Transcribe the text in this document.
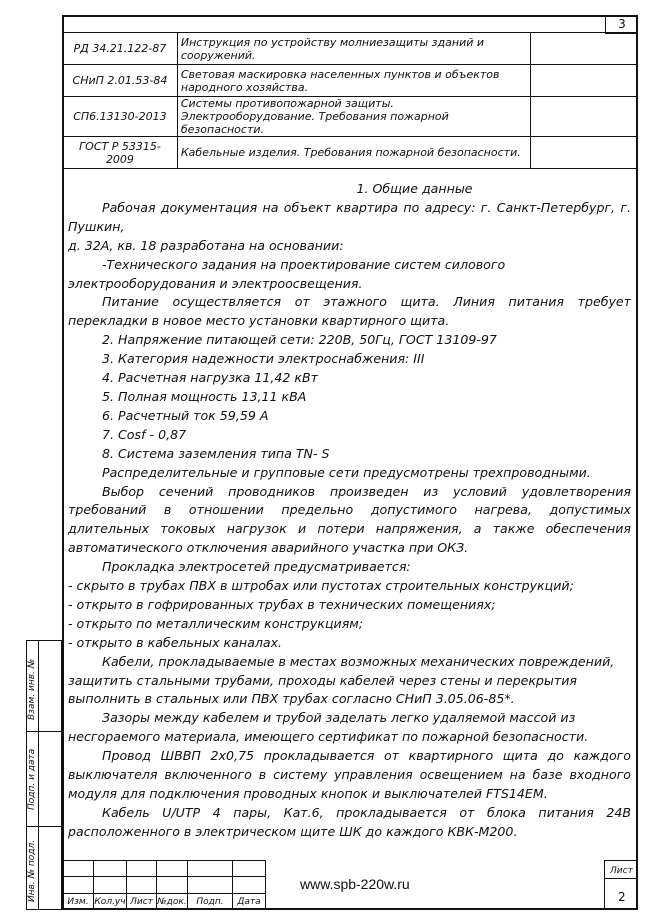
3
РД 34.21.122-87	Инструкция по устройству молниезащиты зданий и сооружений.	
СНиП 2.01.53-84	Световая маскировка населенных пунктов и объектов народного хозяйства.	
СП6.13130-2013	Системы противопожарной защиты. Электрооборудование. Требования пожарной безопасности.	
ГОСТ Р 53315-2009	Кабельные изделия. Требования пожарной безопасности.	

1. Общие данные

Рабочая документация на объект квартира по адресу: г. Санкт-Петербург, г. Пушкин,

д. 32А, кв. 18 разработана на основании:

-Технического задания на проектирование систем силового электрооборудования и электроосвещения.

Питание осуществляется от этажного щита. Линия питания требует перекладки в новое место установки квартирного щита.

2. Напряжение питающей сети: 220В, 50Гц, ГОСТ 13109-97

3. Категория надежности электроснабжения: III

4. Расчетная нагрузка 11,42 кВт

5. Полная мощность 13,11 кВА

6. Расчетный ток 59,59 А

7. Cosf - 0,87

8. Система заземления типа TN- S

Распределительные и групповые сети предусмотрены трехпроводными.

Выбор сечений проводников произведен из условий удовлетворения требований в отношении предельно допустимого нагрева, допустимых длительных токовых нагрузок и потери напряжения, а также обеспечения автоматического отключения аварийного участка при ОКЗ.

Прокладка электросетей предусматривается:

- скрыто в трубах ПВХ в штробах или пустотах строительных конструкций;

- открыто в гофрированных трубах в технических помещениях;

- открыто по металлическим конструкциям;

- открыто в кабельных каналах.

Кабели, прокладываемые в местах возможных механических повреждений, защитить стальными трубами, проходы кабелей через стены и перекрытия выполнить в стальных или ПВХ трубах согласно СНиП 3.05.06-85*.

Зазоры между кабелем и трубой заделать легко удаляемой массой из несгораемого материала, имеющего сертификат по пожарной безопасности.

Провод ШВВП 2х0,75 прокладывается от квартирного щита до каждого выключателя включенного в систему управления освещением на базе входного модуля для подключения проводных кнопок и выключателей FTS14EM.

Кабель U/UTP 4 пары, Кат.6, прокладывается от блока питания 24В расположенного в электрическом щите ШК до каждого КВК-М200.

Взам. инв. №
Подп. и дата
Инв. № подл.	Изм. Кол.уч Лист №док.	Подп.	Дата
www.spb-220w.ru
Лист
2
